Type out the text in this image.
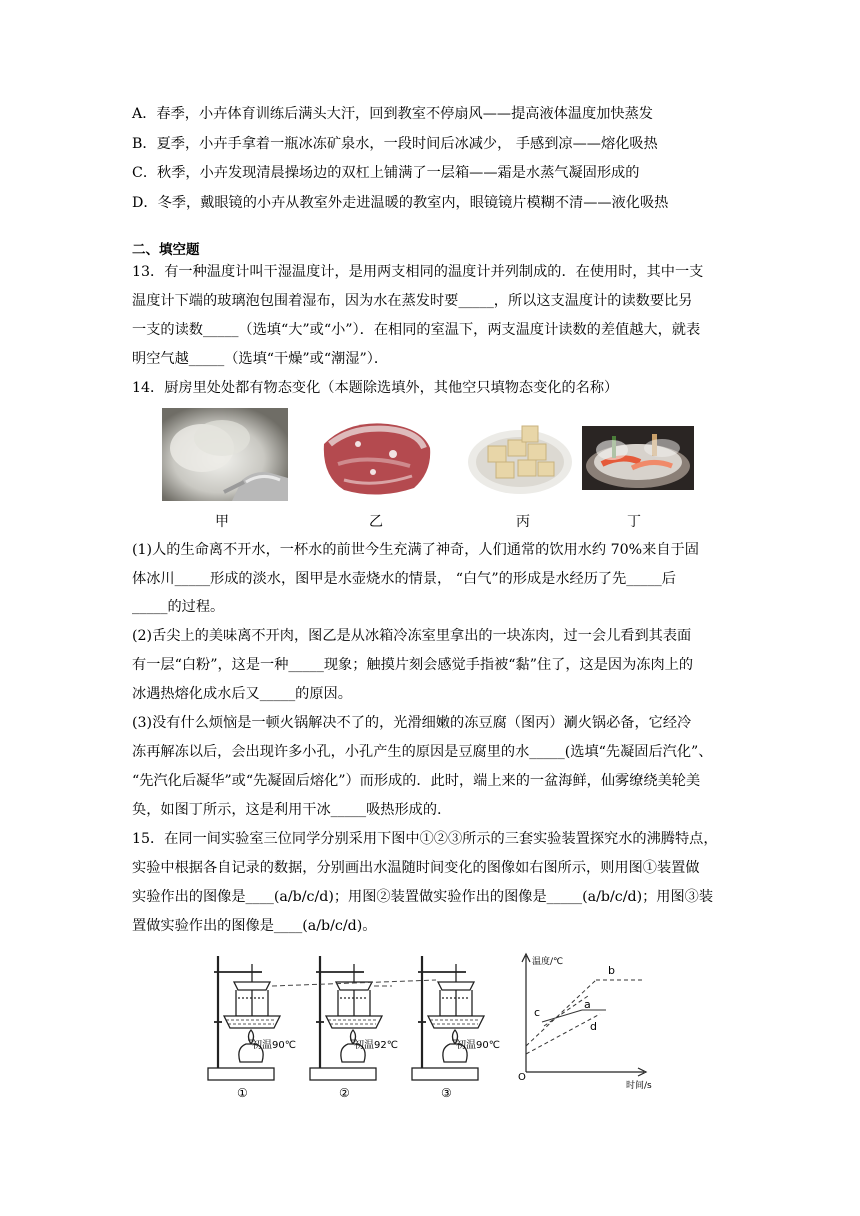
A．春季，小卉体育训练后满头大汗，回到教室不停扇风——提高液体温度加快蒸发
B．夏季，小卉手拿着一瓶冰冻矿泉水，一段时间后冰减少， 手感到凉——熔化吸热
C．秋季，小卉发现清晨操场边的双杠上铺满了一层箱——霜是水蒸气凝固形成的
D．冬季，戴眼镜的小卉从教室外走进温暖的教室内，眼镜镜片模糊不清——液化吸热
二、填空题
13．有一种温度计叫干湿温度计，是用两支相同的温度计并列制成的．在使用时，其中一支
温度计下端的玻璃泡包围着湿布，因为水在蒸发时要_____，所以这支温度计的读数要比另
一支的读数_____（选填“大”或“小”）．在相同的室温下，两支温度计读数的差值越大，就表
明空气越_____（选填“干燥”或“潮湿”）．
14．厨房里处处都有物态变化（本题除选填外，其他空只填物态变化的名称）
甲	乙	丙	丁
(1)人的生命离不开水，一杯水的前世今生充满了神奇，人们通常的饮用水约 70%来自于固
体冰川_____形成的淡水，图甲是水壶烧水的情景， “白气”的形成是水经历了先_____后
_____的过程。
(2)舌尖上的美味离不开肉，图乙是从冰箱冷冻室里拿出的一块冻肉，过一会儿看到其表面
有一层“白粉”，这是一种_____现象；触摸片刻会感觉手指被“黏”住了，这是因为冻肉上的
冰遇热熔化成水后又_____的原因。
(3)没有什么烦恼是一顿火锅解决不了的，光滑细嫩的冻豆腐（图丙）涮火锅必备，它经冷
冻再解冻以后，会出现许多小孔，小孔产生的原因是豆腐里的水_____(选填“先凝固后汽化”、
“先汽化后凝华”或“先凝固后熔化”）而形成的．此时，端上来的一盆海鲜，仙雾缭绕美轮美
奂，如图丁所示，这是利用干冰_____吸热形成的.
15．在同一间实验室三位同学分别采用下图中①②③所示的三套实验装置探究水的沸腾特点，
实验中根据各自记录的数据，分别画出水温随时间变化的图像如右图所示，则用图①装置做
实验作出的图像是____(a/b/c/d)；用图②装置做实验作出的图像是_____(a/b/c/d)；用图③装
置做实验作出的图像是____(a/b/c/d)。
初温90℃	初温92℃	初温90℃
①	②	③
温度/℃
时间/s
O
a
b
c
d
